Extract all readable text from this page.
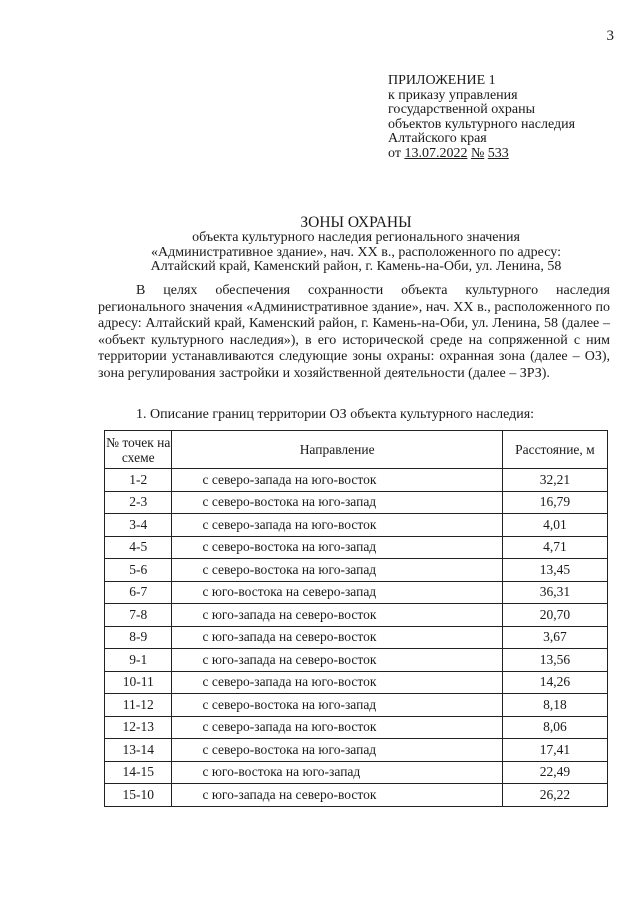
3
ПРИЛОЖЕНИЕ 1
к приказу управления
государственной охраны
объектов культурного наследия
Алтайского края
от 13.07.2022 № 533
ЗОНЫ ОХРАНЫ
объекта культурного наследия регионального значения
«Административное здание», нач. XX в., расположенного по адресу:
Алтайский край, Каменский район, г. Камень-на-Оби, ул. Ленина, 58

В целях обеспечения сохранности объекта культурного наследия регионального значения «Административное здание», нач. XX в., расположенного по адресу: Алтайский край, Каменский район, г. Камень-на-Оби, ул. Ленина, 58 (далее – «объект культурного наследия»), в его исторической среде на сопряженной с ним территории устанавливаются следующие зоны охраны: охранная зона (далее – ОЗ), зона регулирования застройки и хозяйственной деятельности (далее – ЗРЗ).

1. Описание границ территории ОЗ объекта культурного наследия:
№ точек на схеме	Направление	Расстояние, м
1-2	с северо-запада на юго-восток	32,21
2-3	с северо-востока на юго-запад	16,79
3-4	с северо-запада на юго-восток	4,01
4-5	с северо-востока на юго-запад	4,71
5-6	с северо-востока на юго-запад	13,45
6-7	с юго-востока на северо-запад	36,31
7-8	с юго-запада на северо-восток	20,70
8-9	с юго-запада на северо-восток	3,67
9-1	с юго-запада на северо-восток	13,56
10-11	с северо-запада на юго-восток	14,26
11-12	с северо-востока на юго-запад	8,18
12-13	с северо-запада на юго-восток	8,06
13-14	с северо-востока на юго-запад	17,41
14-15	с юго-востока на юго-запад	22,49
15-10	с юго-запада на северо-восток	26,22
